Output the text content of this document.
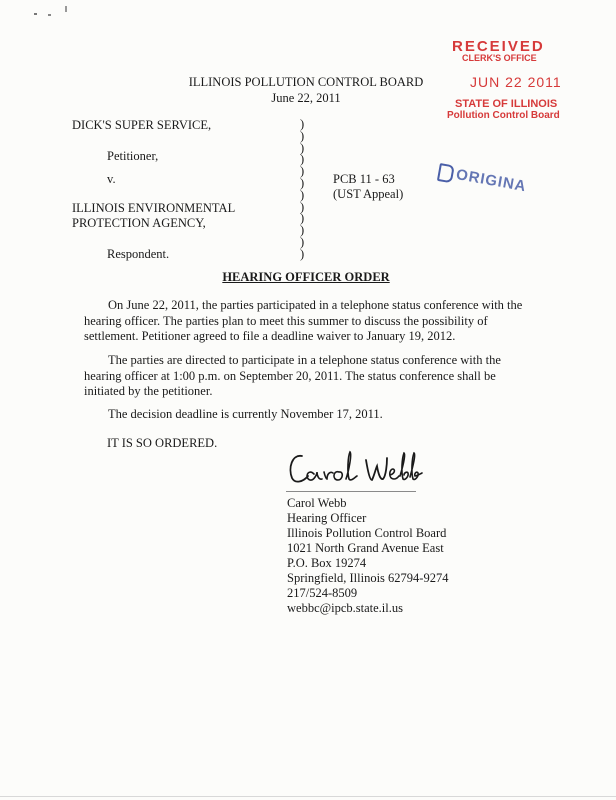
RECEIVED
CLERK'S OFFICE
JUN 22 2011
STATE OF ILLINOIS
Pollution Control Board
ORIGINA
ILLINOIS POLLUTION CONTROL BOARD
June 22, 2011
DICK'S SUPER SERVICE,
Petitioner,
v.
ILLINOIS ENVIRONMENTAL
PROTECTION AGENCY,
Respondent.
)
)
)
)
)
)
)
)
)
)
)
)
PCB 11 - 63
(UST Appeal)
HEARING OFFICER ORDER
On June 22, 2011, the parties participated in a telephone status conference with the hearing officer. The parties plan to meet this summer to discuss the possibility of settlement. Petitioner agreed to file a deadline waiver to January 19, 2012.
The parties are directed to participate in a telephone status conference with the hearing officer at 1:00 p.m. on September 20, 2011. The status conference shall be initiated by the petitioner.
The decision deadline is currently November 17, 2011.
IT IS SO ORDERED.
Carol Webb
Hearing Officer
Illinois Pollution Control Board
1021 North Grand Avenue East
P.O. Box 19274
Springfield, Illinois 62794-9274
217/524-8509
webbc@ipcb.state.il.us
